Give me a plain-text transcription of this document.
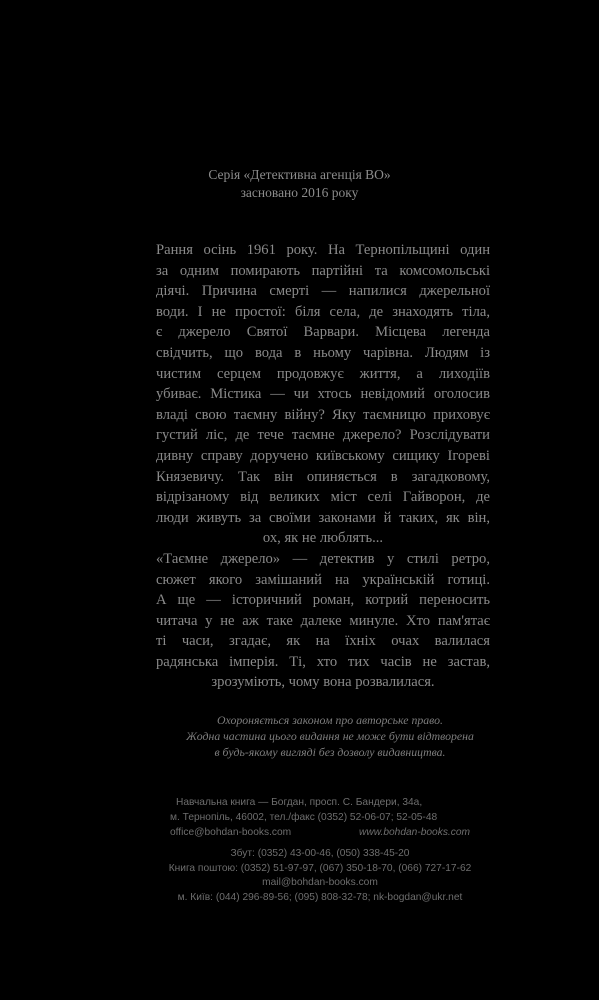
Серія «Детективна агенція ВО»
засновано 2016 року
Рання осінь 1961 року. На Тернопільщині один
за одним помирають партійні та комсомольські
діячі. Причина смерті — напилися джерельної
води. І не простої: біля села, де знаходять тіла,
є джерело Святої Варвари. Місцева легенда
свідчить, що вода в ньому чарівна. Людям із
чистим серцем продовжує життя, а лиходіїв
убиває. Містика — чи хтось невідомий оголосив
владі свою таємну війну? Яку таємницю приховує
густий ліс, де тече таємне джерело? Розслідувати
дивну справу доручено київському сищику Ігореві
Князевичу. Так він опиняється в загадковому,
відрізаному від великих міст селі Гайворон, де
люди живуть за своїми законами й таких, як він,
ох, як не люблять...
«Таємне джерело» — детектив у стилі ретро,
сюжет якого замішаний на українській готиці.
А ще — історичний роман, котрий переносить
читача у не аж таке далеке минуле. Хто пам'ятає
ті часи, згадає, як на їхніх очах валилася
радянська імперія. Ті, хто тих часів не застав,
зрозуміють, чому вона розвалилася.
Охороняється законом про авторське право.
Жодна частина цього видання не може бути відтворена
в будь-якому вигляді без дозволу видавництва.
Навчальна книга — Богдан, просп. С. Бандери, 34а,
м. Тернопіль, 46002, тел./факс (0352) 52-06-07; 52-05-48
office@bohdan-books.com	www.bohdan-books.com
Збут: (0352) 43-00-46, (050) 338-45-20
Книга поштою: (0352) 51-97-97, (067) 350-18-70, (066) 727-17-62
mail@bohdan-books.com
м. Київ: (044) 296-89-56; (095) 808-32-78; nk-bogdan@ukr.net
